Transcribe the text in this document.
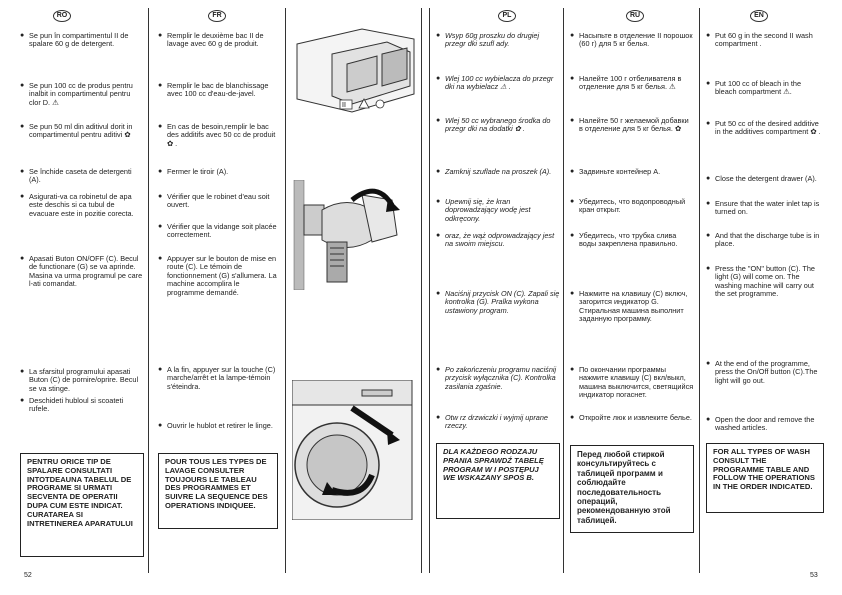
RO	FR	PL	RU	EN
● Se pun în compartimentul II de spalare 60 g de detergent.
● Se pun 100 cc de produs pentru inalbit in compartimentul pentru clor D. ⚠
● Se pun 50 ml din aditivul dorit in compartimentul pentru aditivi ✿
● Se închide caseta de detergenti (A).
● Asigurati-va ca robinetul de apa este deschis si ca tubul de evacuare este in pozitie corecta.
● Apasati Buton ON/OFF (C). Becul de functionare (G) se va aprinde. Masina va urma programul pe care l-ati comandat.
● La sfarsitul programului apasati Buton (C) de pornire/oprire. Becul se va stinge.
● Deschideti hubloul si scoateti rufele.
PENTRU ORICE TIP DE SPALARE CONSULTATI INTOTDEAUNA TABELUL DE PROGRAME SI URMATI SECVENTA DE OPERATII DUPA CUM ESTE INDICAT. CURATAREA SI INTRETINEREA APARATULUI
● Remplir le deuxième bac II de lavage avec 60 g de produit.
● Remplir le bac de blanchissage avec 100 cc d'eau-de-javel.
● En cas de besoin,remplir le bac des additifs avec 50 cc de produit ✿ .
● Fermer le tiroir (A).
● Vérifier que le robinet d'eau soit ouvert.
● Vérifier que la vidange soit placée correctement.
● Appuyer sur le bouton de mise en route (C). Le témoin de fonctionnement (G) s'allumera. La machine accomplira le programme demandé.
● A la fin, appuyer sur la touche (C) marche/arrêt et la lampe-témoin s'éteindra.
● Ouvrir le hublot et retirer le linge.
POUR TOUS LES TYPES DE LAVAGE CONSULTER TOUJOURS LE TABLEAU DES PROGRAMMES ET SUIVRE LA SEQUENCE DES OPERATIONS INDIQUEE.
II
● Wsyp 60g proszku do drugiej przegr dki szufl ady.
● Wlej 100 cc wybielacza do przegr dki na wybielacz ⚠ .
● Wlej 50 cc wybranego środka do przegr dki na dodatki ✿ .
● Zamknij szuflade na proszek (A).
● Upewnij się, że kran doprowadzający wodę jest odkręcony.
● oraz, że wąż odprowadzający jest na swoim miejscu.
● Naciśnij przycisk ON (C). Zapali się kontrolka (G). Pralka wykona ustawiony program.
● Po zakończeniu programu naciśnij przycisk wyłącznika (C). Kontrolka zasilania zgaśnie.
● Otw rz drzwiczki i wyjmij uprane rzeczy.
DLA KAŻDEGO RODZAJU PRANIA SPRAWDŹ TABELĘ PROGRAM W I POSTĘPUJ WE WSKAZANY SPOS B.
● Насыпьте в отделение II порошок (60 г) для 5 кг белья.
● Налейте 100 г отбеливателя в отделение для 5 кг белья. ⚠
● Налейте 50 г желаемой добавки в отделение для 5 кг белья. ✿
● Задвиньте контейнер А.
● Убедитесь, что водопроводный кран открыт.
● Убедитесь, что трубка слива воды закреплена правильно.
● Нажмите на клавишу (С) включ, загорится индикатор G. Стиральная машина выполнит заданную программу.
● По окончании программы нажмите клавишу (С) вкл/выкл, машина выключится, светящийся индикатор погаснет.
● Откройте люк и извлеките белье.
Перед любой стиркой консультируйтесь с таблицей программ и соблюдайте последовательность операций, рекомендованную этой таблицей.
● Put 60 g in the second II wash compartment .
● Put 100 cc of bleach in the bleach compartment ⚠.
● Put 50 cc of the desired additive in the additives compartment ✿ .
● Close the detergent drawer (A).
● Ensure that the water inlet tap is turned on.
● And that the discharge tube is in place.
● Press the "ON" button (C). The light (G) will come on. The washing machine will carry out the set programme.
● At the end of the programme, press the On/Off button (C).The light will go out.
● Open the door and remove the washed articles.
FOR ALL TYPES OF WASH CONSULT THE PROGRAMME TABLE AND FOLLOW THE OPERATIONS IN THE ORDER INDICATED.
52	53
